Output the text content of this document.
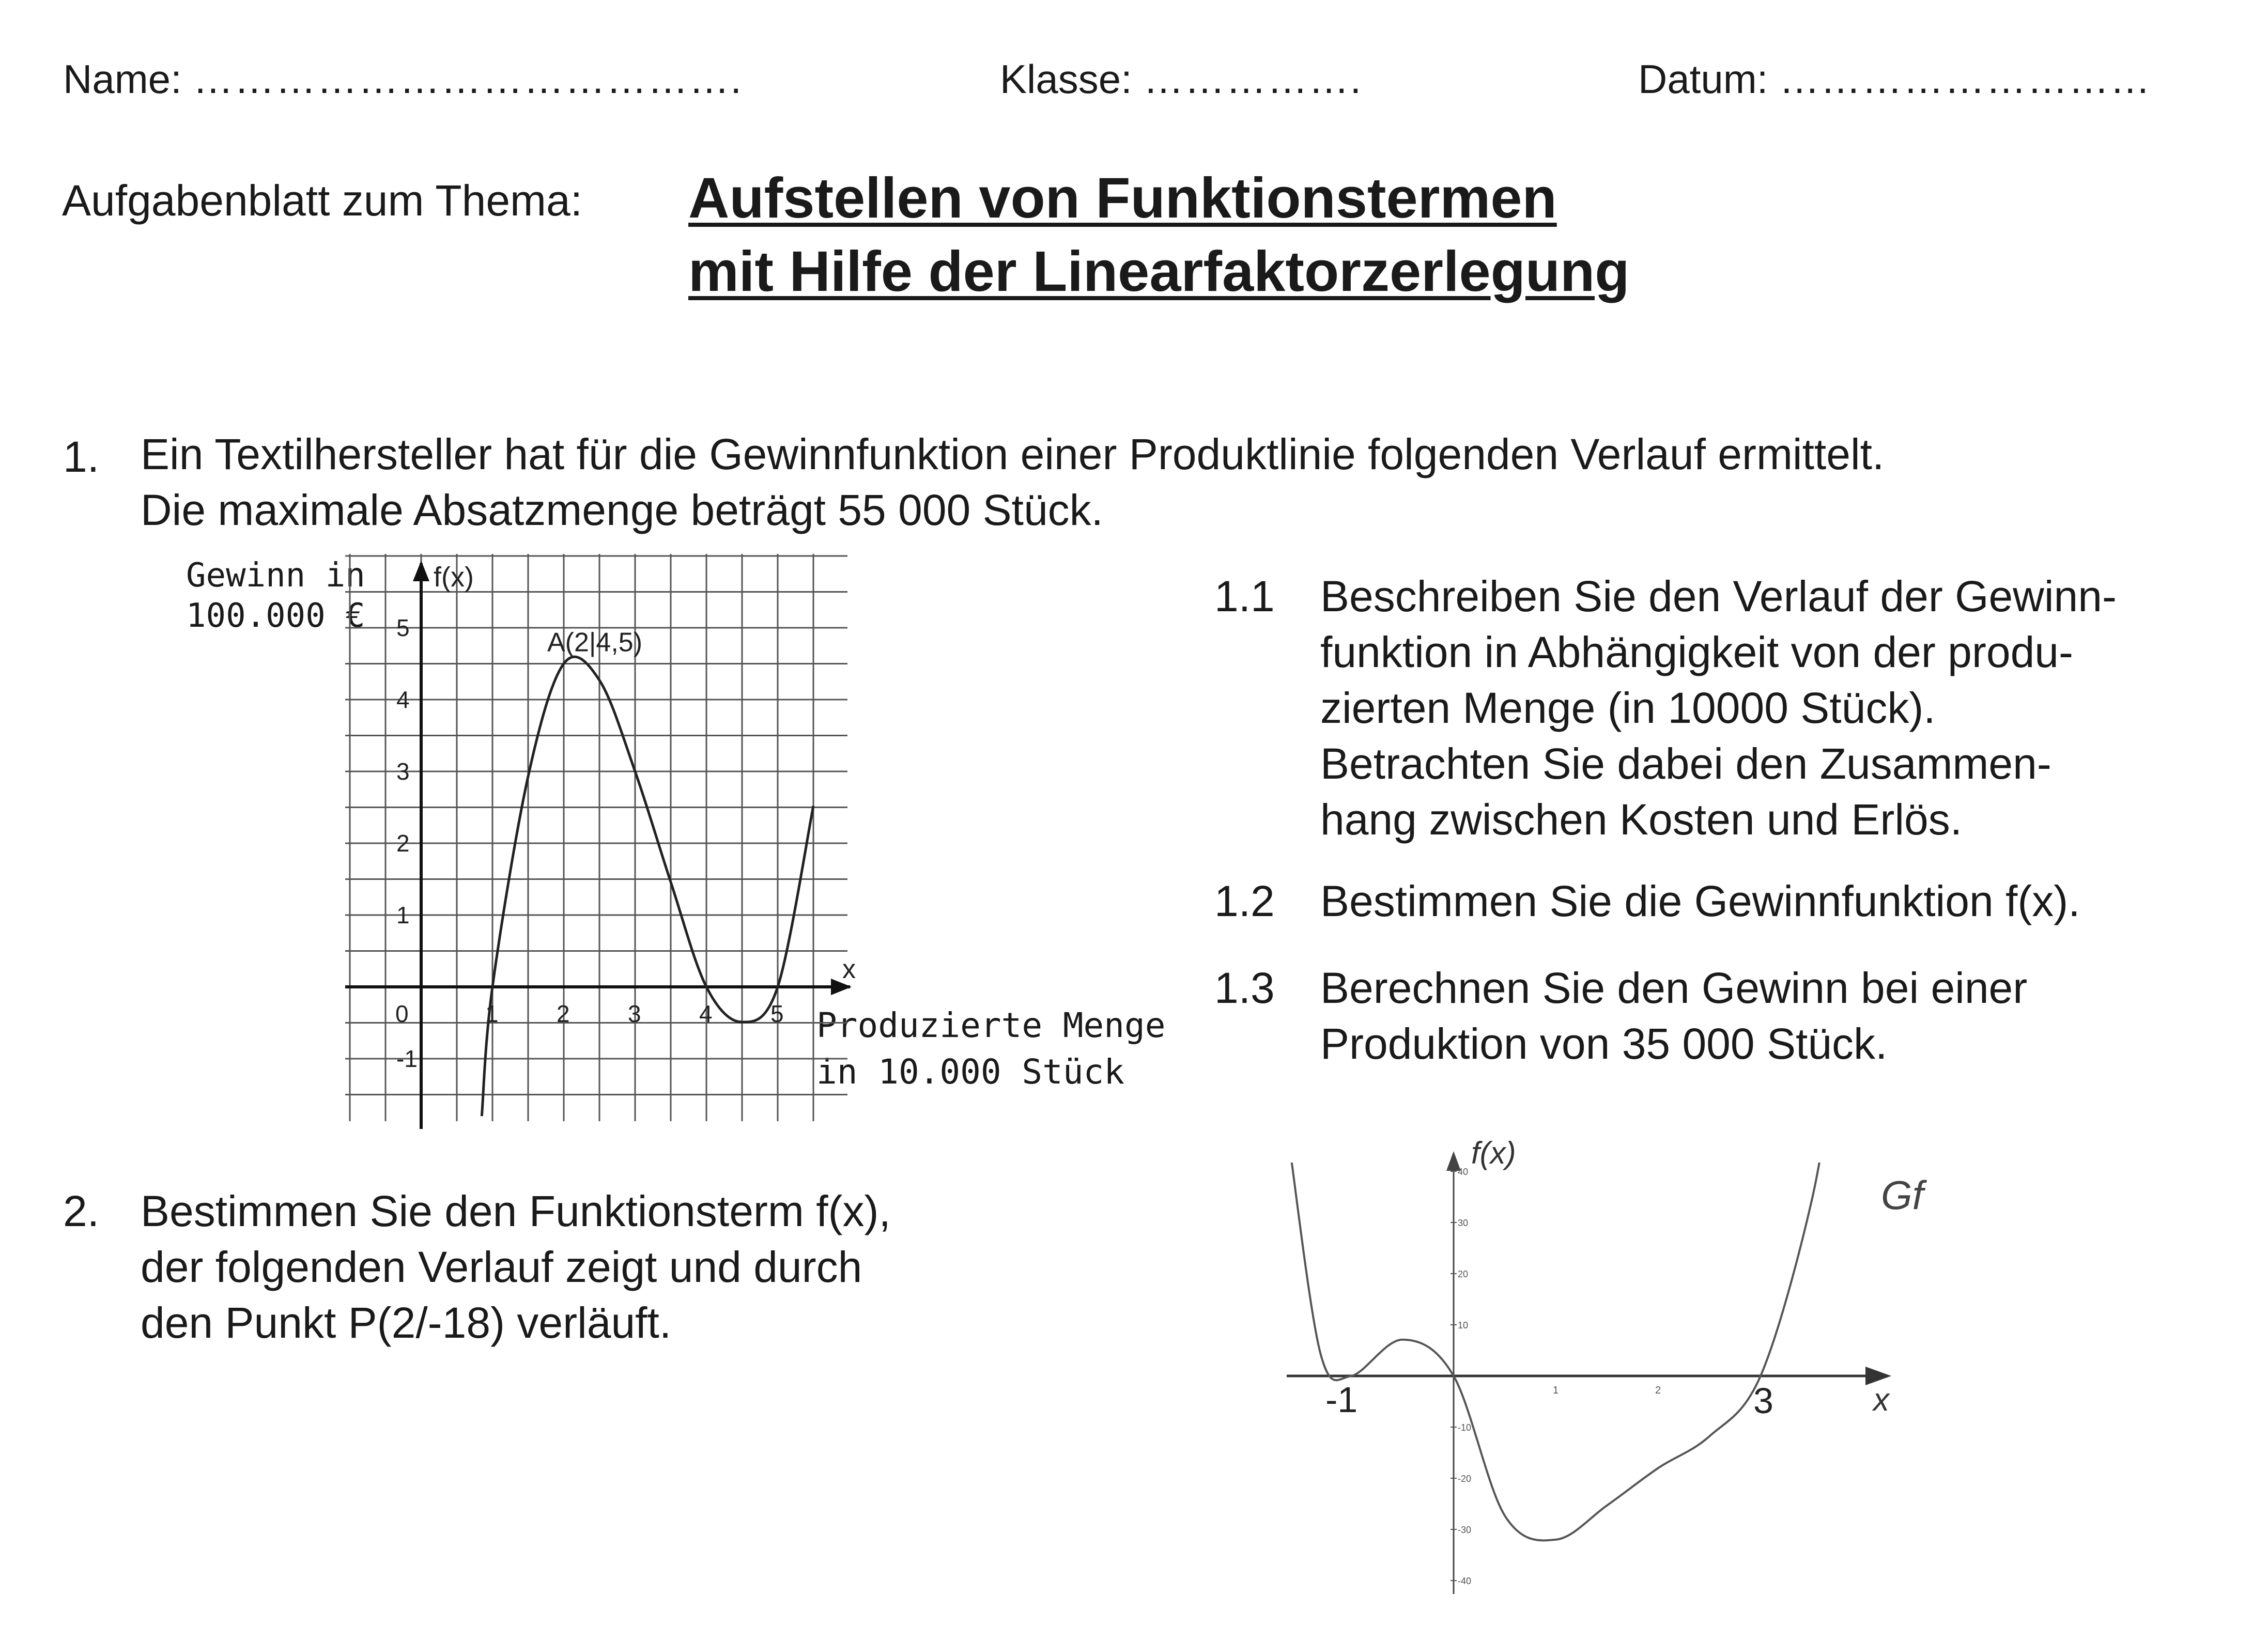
Name: ………………………………….	Klasse: …………….	Datum: ………………………
Aufgabenblatt zum Thema: Aufstellen von Funktionstermen
mit Hilfe der Linearfaktorzerlegung
1. Ein Textilhersteller hat für die Gewinnfunktion einer Produktlinie folgenden Verlauf ermittelt.
Die maximale Absatzmenge beträgt 55 000 Stück.
1.1 Beschreiben Sie den Verlauf der Gewinn-
funktion in Abhängigkeit von der produ-
zierten Menge (in 10000 Stück).
Betrachten Sie dabei den Zusammen-
hang zwischen Kosten und Erlös.
1.2 Bestimmen Sie die Gewinnfunktion f(x).
1.3 Berechnen Sie den Gewinn bei einer
Produktion von 35 000 Stück.
2. Bestimmen Sie den Funktionsterm f(x),
der folgenden Verlauf zeigt und durch
den Punkt P(2/-18) verläuft.
Gewinn in
100.000 €
Produzierte Menge
in 10.000 Stück
f(x)
x
0	1 2 3 4 5
-1
1
2
3
4
5	A(2|4,5)
f(x)
x
Gf
1	2
40
30
20
10
-10
-20
-30
-40
-1	3
